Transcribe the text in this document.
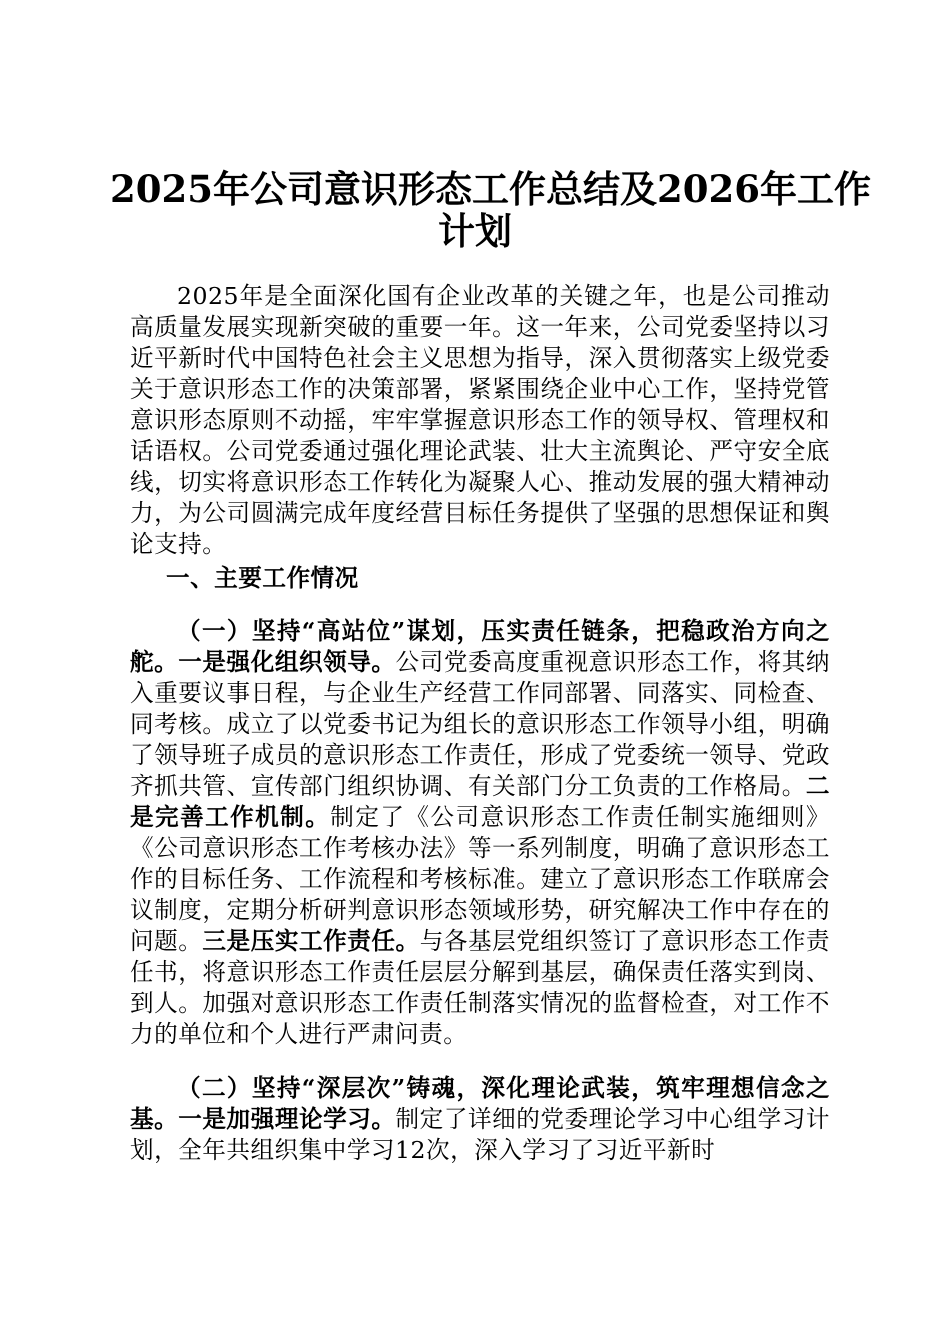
2025年公司意识形态工作总结及2026年工作
计划

2025年是全面深化国有企业改革的关键之年，也是公司推动高质量发展实现新突破的重要一年。这一年来，公司党委坚持以习近平新时代中国特色社会主义思想为指导，深入贯彻落实上级党委关于意识形态工作的决策部署，紧紧围绕企业中心工作，坚持党管意识形态原则不动摇，牢牢掌握意识形态工作的领导权、管理权和话语权。公司党委通过强化理论武装、壮大主流舆论、严守安全底线，切实将意识形态工作转化为凝聚人心、推动发展的强大精神动力，为公司圆满完成年度经营目标任务提供了坚强的思想保证和舆论支持。

一、主要工作情况

（一）坚持“高站位”谋划，压实责任链条，把稳政治方向之舵。一是强化组织领导。公司党委高度重视意识形态工作，将其纳入重要议事日程，与企业生产经营工作同部署、同落实、同检查、同考核。成立了以党委书记为组长的意识形态工作领导小组，明确了领导班子成员的意识形态工作责任，形成了党委统一领导、党政齐抓共管、宣传部门组织协调、有关部门分工负责的工作格局。二是完善工作机制。制定了《公司意识形态工作责任制实施细则》《公司意识形态工作考核办法》等一系列制度，明确了意识形态工作的目标任务、工作流程和考核标准。建立了意识形态工作联席会议制度，定期分析研判意识形态领域形势，研究解决工作中存在的问题。三是压实工作责任。与各基层党组织签订了意识形态工作责任书，将意识形态工作责任层层分解到基层，确保责任落实到岗、到人。加强对意识形态工作责任制落实情况的监督检查，对工作不力的单位和个人进行严肃问责。

（二）坚持“深层次”铸魂，深化理论武装，筑牢理想信念之基。一是加强理论学习。制定了详细的党委理论学习中心组学习计划，全年共组织集中学习12次，深入学习了习近平新时
